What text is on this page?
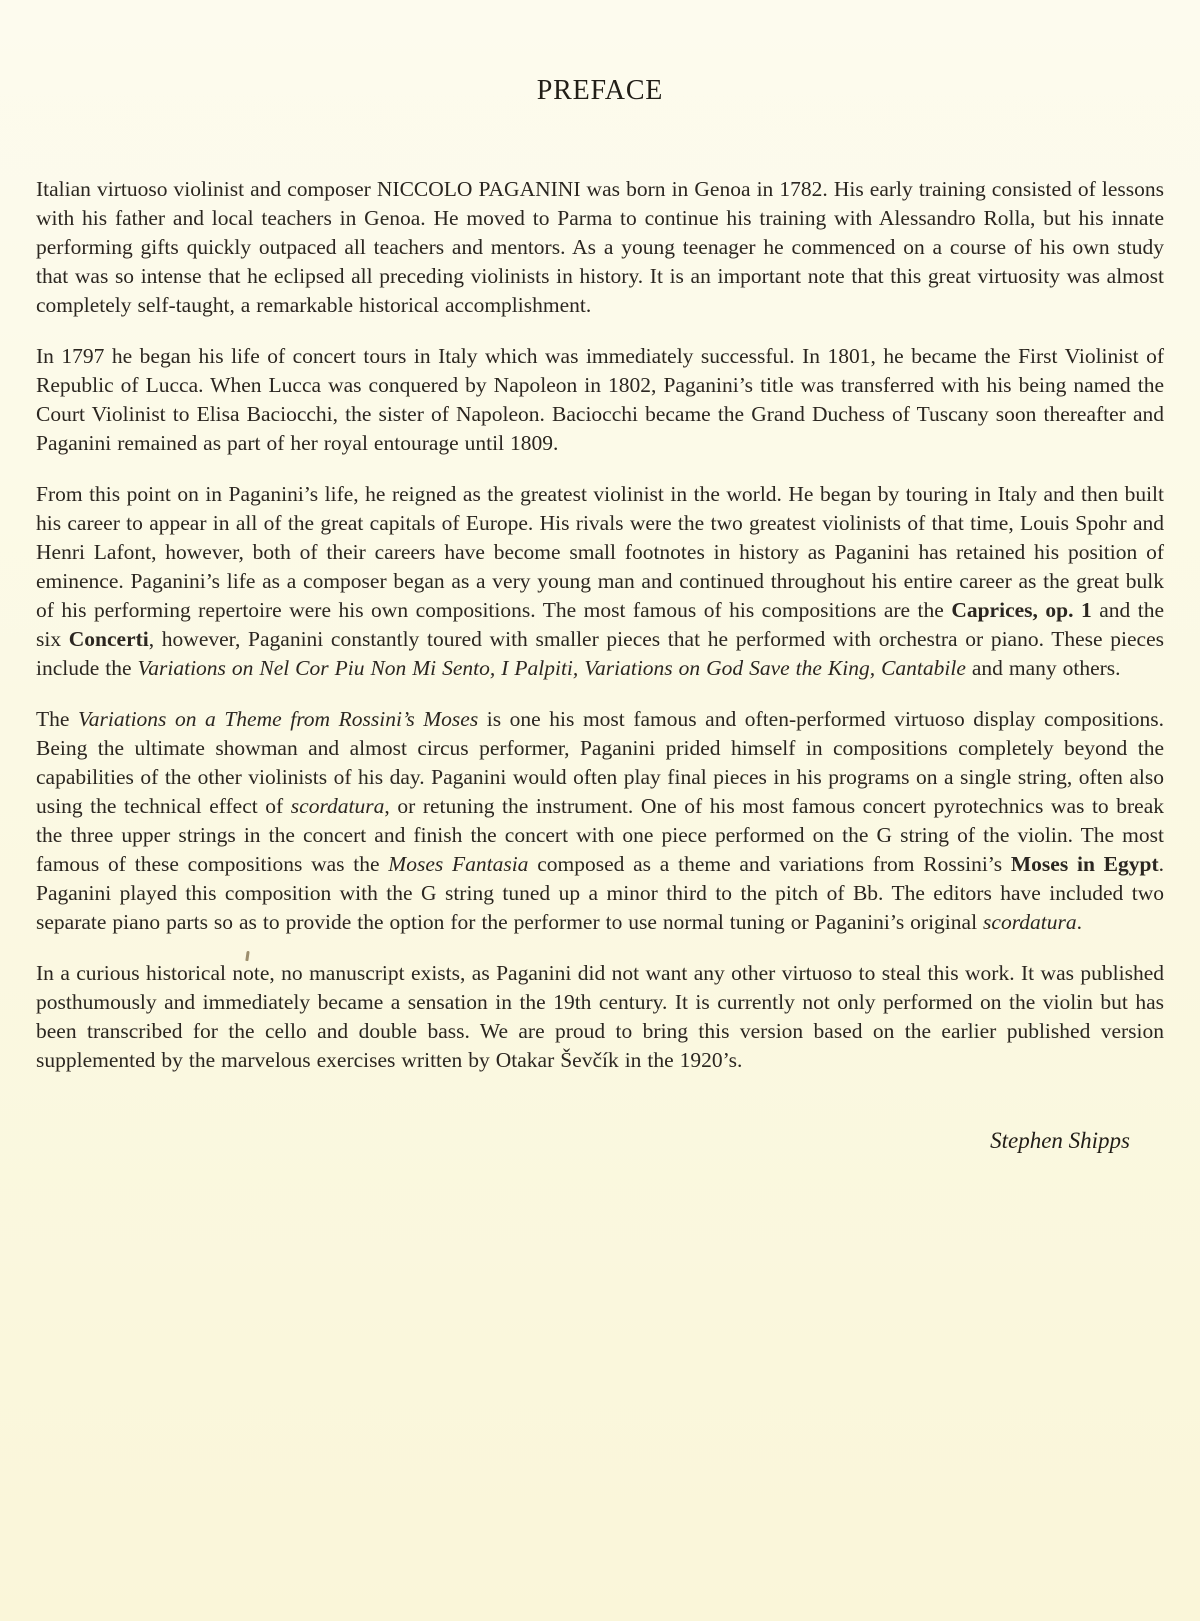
PREFACE

Italian virtuoso violinist and composer NICCOLO PAGANINI was born in Genoa in 1782. His early training consisted of lessons with his father and local teachers in Genoa. He moved to Parma to continue his training with Alessandro Rolla, but his innate performing gifts quickly outpaced all teachers and mentors. As a young teenager he commenced on a course of his own study that was so intense that he eclipsed all preceding violinists in history. It is an important note that this great virtuosity was almost completely self-taught, a remarkable historical accomplishment.

In 1797 he began his life of concert tours in Italy which was immediately successful. In 1801, he became the First Violinist of Republic of Lucca. When Lucca was conquered by Napoleon in 1802, Paganini’s title was transferred with his being named the Court Violinist to Elisa Baciocchi, the sister of Napoleon. Baciocchi became the Grand Duchess of Tuscany soon thereafter and Paganini remained as part of her royal entourage until 1809.

From this point on in Paganini’s life, he reigned as the greatest violinist in the world. He began by touring in Italy and then built his career to appear in all of the great capitals of Europe. His rivals were the two greatest violinists of that time, Louis Spohr and Henri Lafont, however, both of their careers have become small footnotes in history as Paganini has retained his position of eminence. Paganini’s life as a composer began as a very young man and continued throughout his entire career as the great bulk of his performing repertoire were his own compositions. The most famous of his compositions are the Caprices, op. 1 and the six Concerti, however, Paganini constantly toured with smaller pieces that he performed with orchestra or piano. These pieces include the Variations on Nel Cor Piu Non Mi Sento, I Palpiti, Variations on God Save the King, Cantabile and many others.

The Variations on a Theme from Rossini’s Moses is one his most famous and often-performed virtuoso display compositions. Being the ultimate showman and almost circus performer, Paganini prided himself in compositions completely beyond the capabilities of the other violinists of his day. Paganini would often play final pieces in his programs on a single string, often also using the technical effect of scordatura, or retuning the instrument. One of his most famous concert pyrotechnics was to break the three upper strings in the concert and finish the concert with one piece performed on the G string of the violin. The most famous of these compositions was the Moses Fantasia composed as a theme and variations from Rossini’s Moses in Egypt. Paganini played this composition with the G string tuned up a minor third to the pitch of Bb. The editors have included two separate piano parts so as to provide the option for the performer to use normal tuning or Paganini’s original scordatura.

In a curious historical note, no manuscript exists, as Paganini did not want any other virtuoso to steal this work. It was published posthumously and immediately became a sensation in the 19th century. It is currently not only performed on the violin but has been transcribed for the cello and double bass. We are proud to bring this version based on the earlier published version supplemented by the marvelous exercises written by Otakar Ševčík in the 1920’s.

Stephen Shipps
